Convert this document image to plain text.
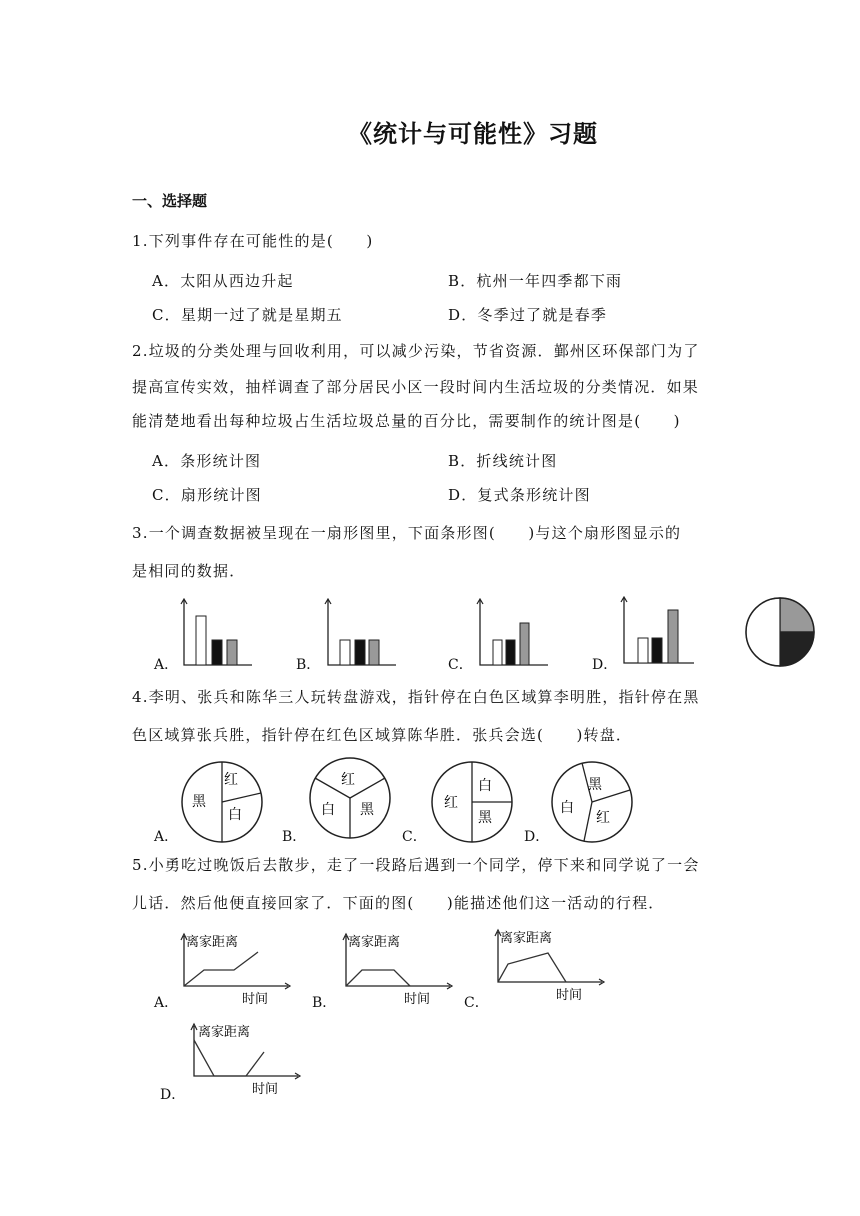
《统计与可能性》习题
一、选择题
1.下列事件存在可能性的是(　　)
A．太阳从西边升起	B．杭州一年四季都下雨
C．星期一过了就是星期五	D．冬季过了就是春季
2.垃圾的分类处理与回收利用，可以减少污染，节省资源．鄞州区环保部门为了
提高宣传实效，抽样调查了部分居民小区一段时间内生活垃圾的分类情况．如果
能清楚地看出每种垃圾占生活垃圾总量的百分比，需要制作的统计图是(　　)
A．条形统计图	B．折线统计图
C．扇形统计图	D．复式条形统计图
3.一个调查数据被呈现在一扇形图里，下面条形图(　　)与这个扇形图显示的
是相同的数据．
A．	B．	C．	D．
4.李明、张兵和陈华三人玩转盘游戏，指针停在白色区域算李明胜，指针停在黑
色区域算张兵胜，指针停在红色区域算陈华胜．张兵会选(　　)转盘．
A．	B．	C．	D．
黑
红
白
红
白 黑	红
白
黑
黑
白
红
5.小勇吃过晚饭后去散步，走了一段路后遇到一个同学，停下来和同学说了一会
儿话．然后他便直接回家了．下面的图(　　)能描述他们这一活动的行程．
A．	B．	C．
D．
离家距离
时间
离家距离
时间
离家距离
时间
离家距离
时间
